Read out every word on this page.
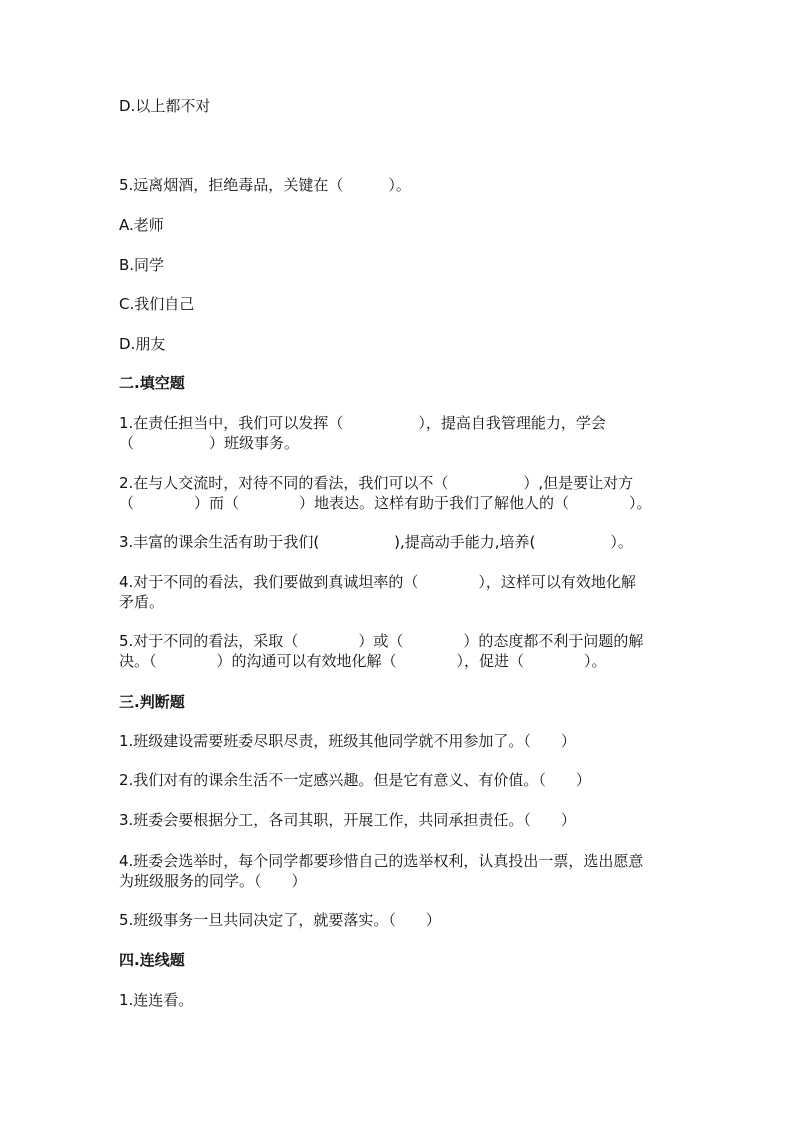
D.以上都不对

5.远离烟酒，拒绝毒品，关键在（　　　）。

A.老师

B.同学

C.我们自己

D.朋友

二.填空题

1.在责任担当中，我们可以发挥（　　　　　），提高自我管理能力，学会

（　　　　　）班级事务。

2.在与人交流时，对待不同的看法，我们可以不（　　　　　）,但是要让对方

（　　　　）而（　　　　）地表达。这样有助于我们了解他人的（　　　　）。

3.丰富的课余生活有助于我们(　　　　　),提高动手能力,培养(　　　　　）。

4.对于不同的看法，我们要做到真诚坦率的（　　　　），这样可以有效地化解

矛盾。

5.对于不同的看法，采取（　　　　）或（　　　　）的态度都不利于问题的解

决。（　　　　）的沟通可以有效地化解（　　　　），促进（　　　　）。

三.判断题

1.班级建设需要班委尽职尽责，班级其他同学就不用参加了。（　　）

2.我们对有的课余生活不一定感兴趣。但是它有意义、有价值。（　　）

3.班委会要根据分工，各司其职，开展工作，共同承担责任。（　　）

4.班委会选举时，每个同学都要珍惜自己的选举权利，认真投出一票，选出愿意

为班级服务的同学。（　　）

5.班级事务一旦共同决定了，就要落实。（　　）

四.连线题

1.连连看。
